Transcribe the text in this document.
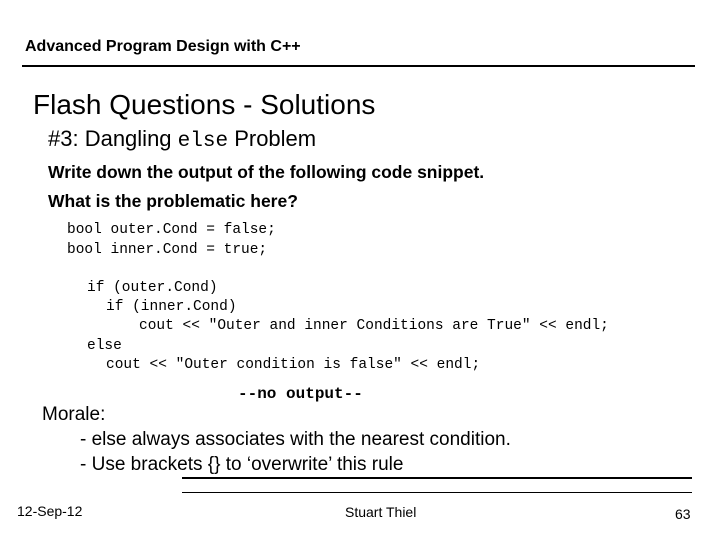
Advanced Program Design with C++
Flash Questions - Solutions
#3: Dangling else Problem
Write down the output of the following code snippet.
What is the problematic here?
bool outer.Cond = false;
bool inner.Cond = true;
if (outer.Cond)
if (inner.Cond)
cout << "Outer and inner Conditions are True" << endl;
else
cout << "Outer condition is false" << endl;
--no output--
Morale:
- else always associates with the nearest condition.
- Use brackets {} to ‘overwrite’ this rule
12-Sep-12	Stuart Thiel	63
